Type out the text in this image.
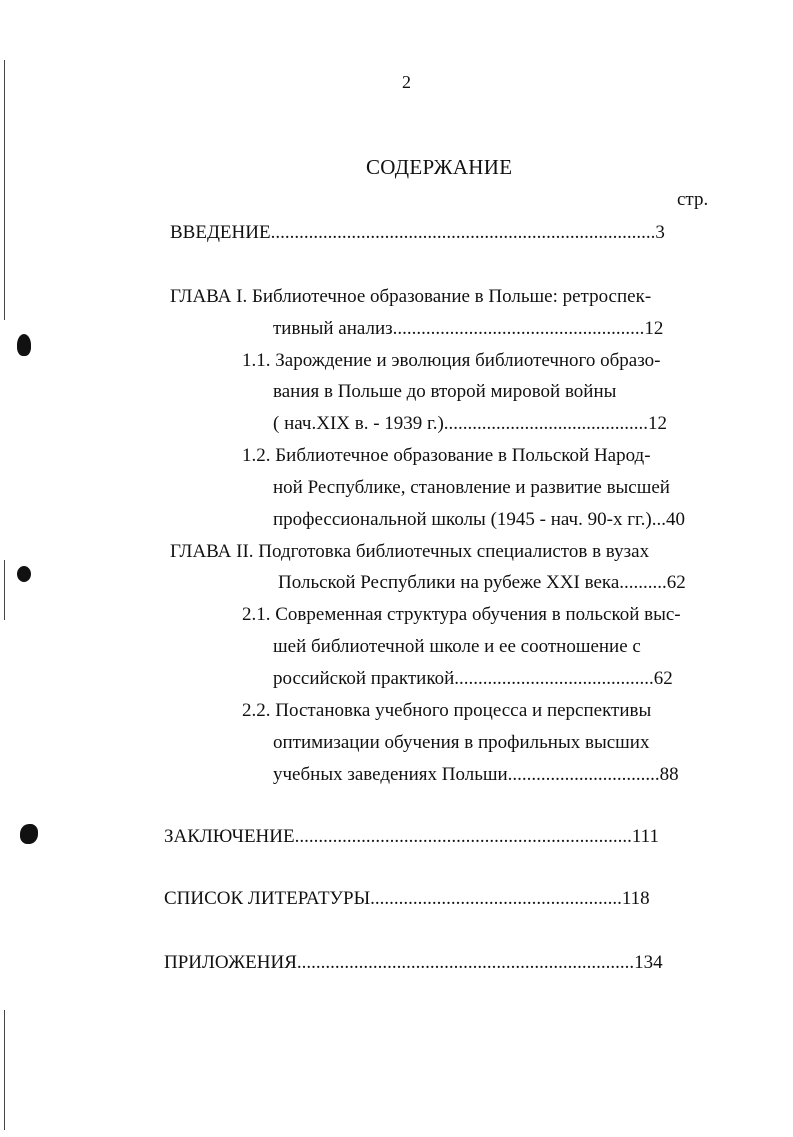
2
СОДЕРЖАНИЕ
стр.
ВВЕДЕНИЕ.................................................................................3
ГЛАВА I. Библиотечное образование в Польше: ретроспек-
тивный анализ.....................................................12
1.1. Зарождение и эволюция библиотечного образо-
вания в Польше до второй мировой войны
( нач.XIX в. - 1939 г.)...........................................12
1.2. Библиотечное образование в Польской Народ-
ной Республике, становление и развитие высшей
профессиональной школы (1945 - нач. 90-х гг.)...40
ГЛАВА II. Подготовка библиотечных специалистов в вузах
Польской Республики на рубеже XXI века..........62
2.1. Современная структура обучения в польской выс-
шей библиотечной школе и ее соотношение с
российской практикой..........................................62
2.2. Постановка учебного процесса и перспективы
оптимизации обучения в профильных высших
учебных заведениях Польши................................88
ЗАКЛЮЧЕНИЕ.......................................................................111
СПИСОК ЛИТЕРАТУРЫ.....................................................118
ПРИЛОЖЕНИЯ.......................................................................134
